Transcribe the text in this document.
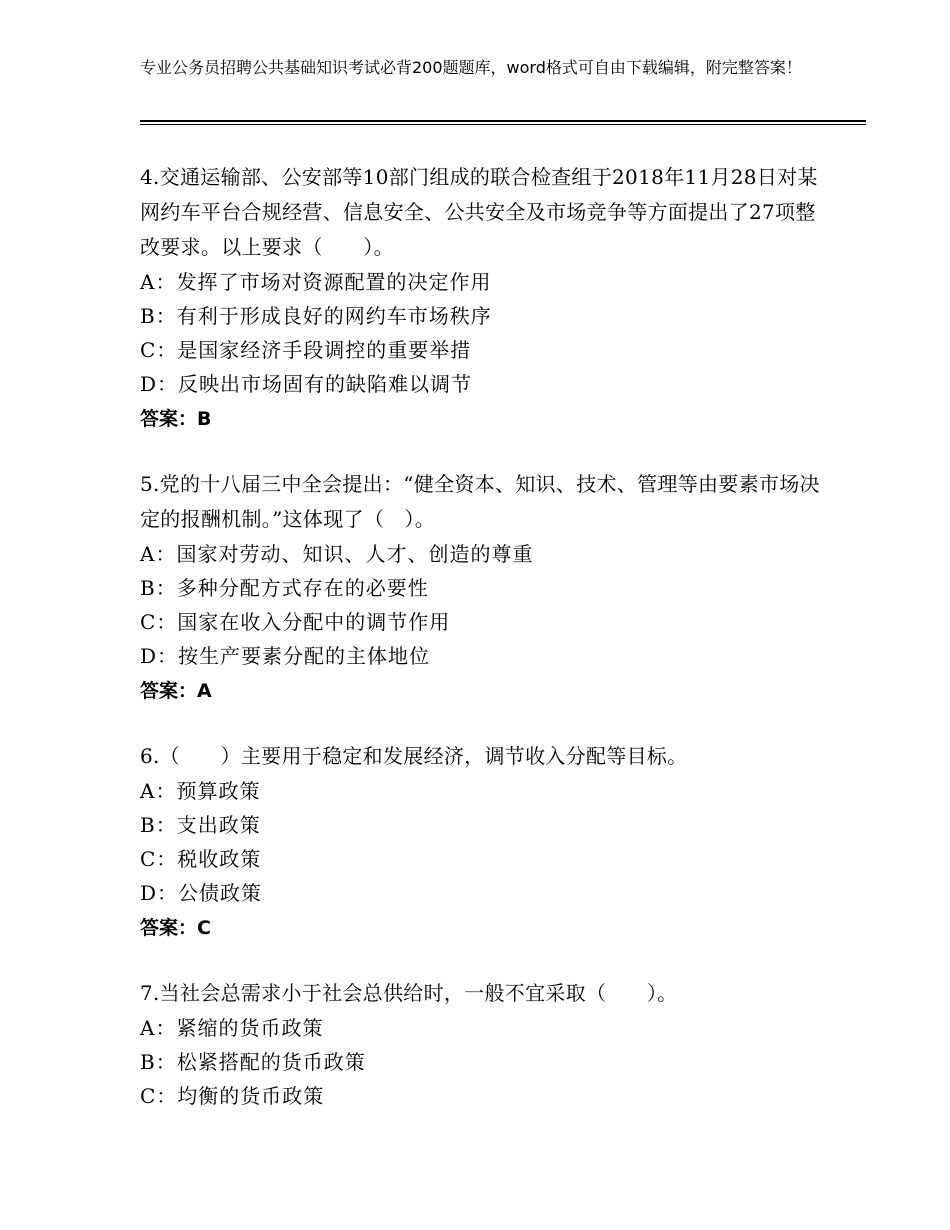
专业公务员招聘公共基础知识考试必背200题题库，word格式可自由下载编辑，附完整答案！
4.交通运输部、公安部等10部门组成的联合检查组于2018年11月28日对某网约车平台合规经营、信息安全、公共安全及市场竞争等方面提出了27项整改要求。以上要求（　　）。
A：发挥了市场对资源配置的决定作用
B：有利于形成良好的网约车市场秩序
C：是国家经济手段调控的重要举措
D：反映出市场固有的缺陷难以调节
答案：B
5.党的十八届三中全会提出：“健全资本、知识、技术、管理等由要素市场决定的报酬机制。”这体现了（　）。
A：国家对劳动、知识、人才、创造的尊重
B：多种分配方式存在的必要性
C：国家在收入分配中的调节作用
D：按生产要素分配的主体地位
答案：A
6.（　　）主要用于稳定和发展经济，调节收入分配等目标。
A：预算政策
B：支出政策
C：税收政策
D：公债政策
答案：C
7.当社会总需求小于社会总供给时，一般不宜采取（　　）。
A：紧缩的货币政策
B：松紧搭配的货币政策
C：均衡的货币政策
